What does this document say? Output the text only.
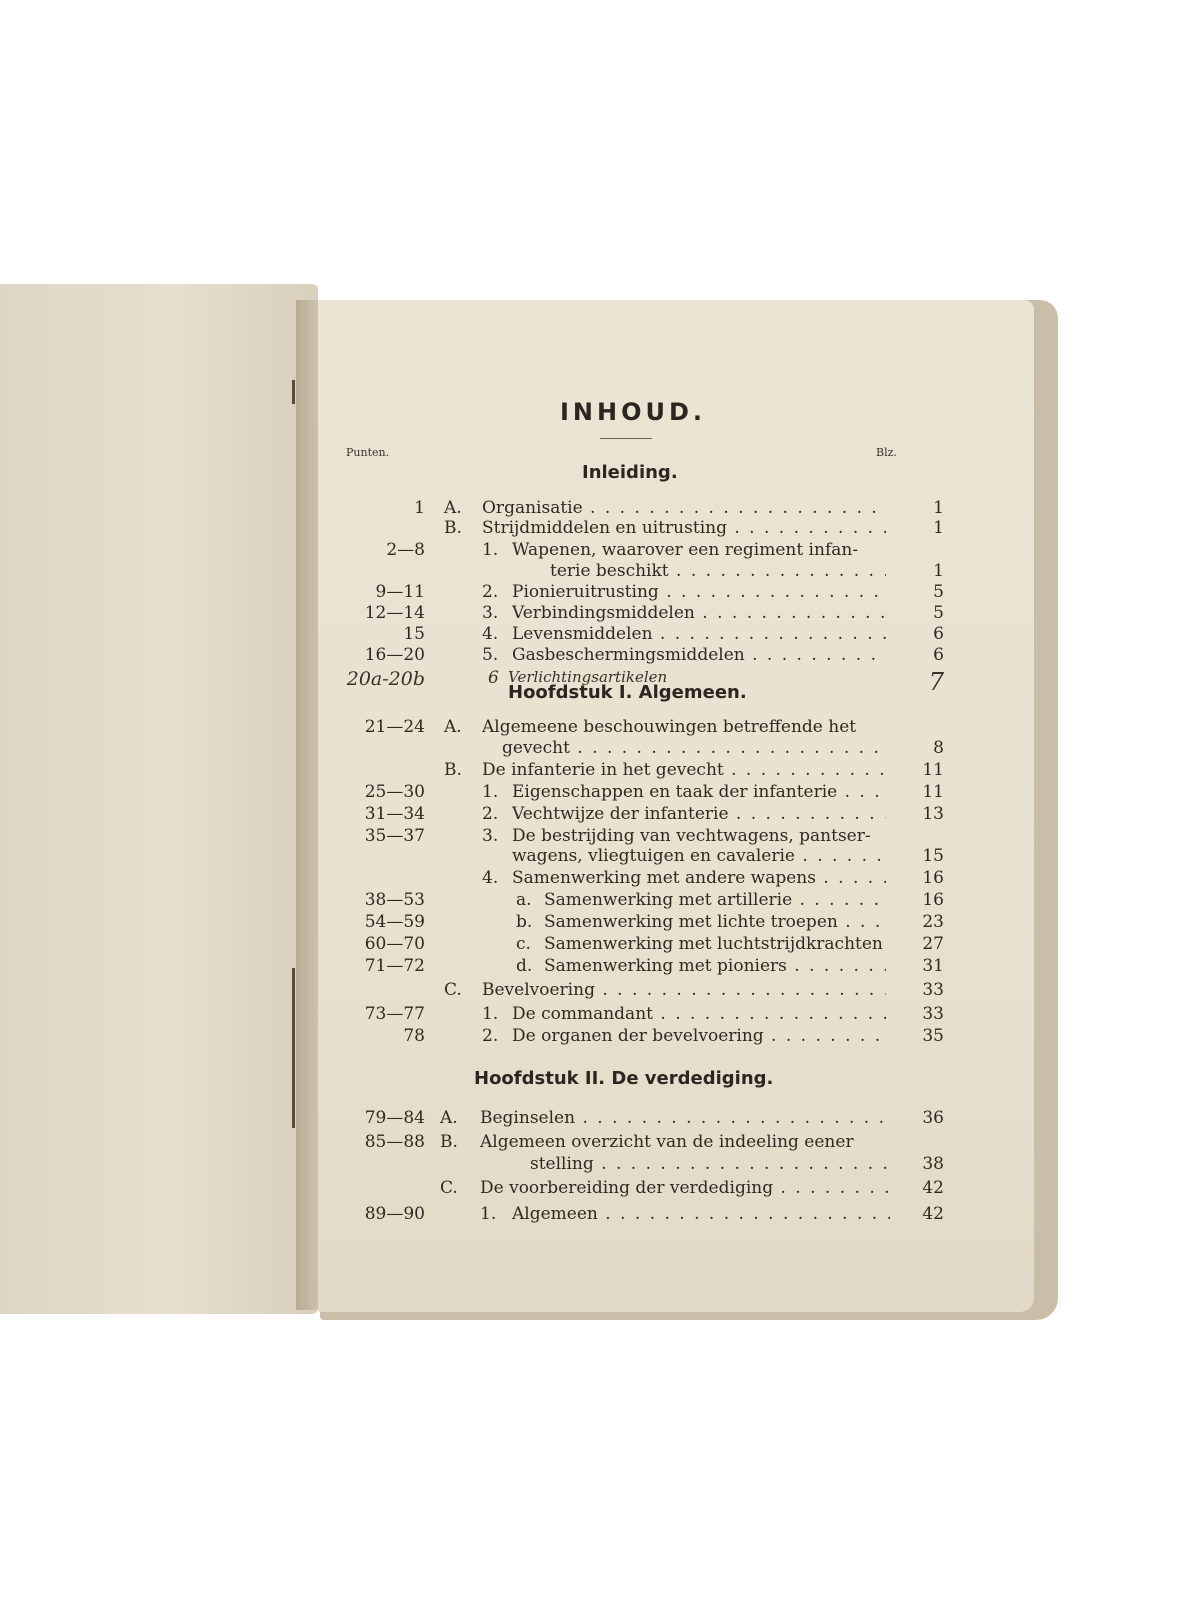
INHOUD.
Punten.	Blz.
Inleiding.
Hoofdstuk I. Algemeen.
Hoofdstuk II. De verdediging.
1 A. Organisatie . . .	1
B. Strijdmiddelen en uitrusting . . .	1
2—8	1. Wapenen, waarover een regiment infan-
terie beschikt . . .	1
9—11	2. Pionieruitrusting . . .	5
12—14	3. Verbindingsmiddelen . . .	5
15	4. Levensmiddelen . . .	6
16—20	5. Gasbeschermingsmiddelen . . .	6
20a-20b	6 Verlichtingsartikelen	7
21—24 A. Algemeene beschouwingen betreffende het
gevecht . . .	8
B. De infanterie in het gevecht . . .	11
25—30	1. Eigenschappen en taak der infanterie . . .	11
31—34	2. Vechtwijze der infanterie . . .	13
35—37	3. De bestrijding van vechtwagens, pantser-
wagens, vliegtuigen en cavalerie . . .	15
4. Samenwerking met andere wapens . . .	16
38—53	a. Samenwerking met artillerie . . .	16
54—59	b. Samenwerking met lichte troepen . . .	23
60—70	c. Samenwerking met luchtstrijdkrachten	27
71—72	d. Samenwerking met pioniers . . .	31
C. Bevelvoering . . .	33
73—77	1. De commandant . . .	33
78	2. De organen der bevelvoering . . .	35
79—84 A. Beginselen . . .	36
85—88 B. Algemeen overzicht van de indeeling eener
stelling . . .	38
C. De voorbereiding der verdediging . . .	42
89—90	1. Algemeen . . .	42
